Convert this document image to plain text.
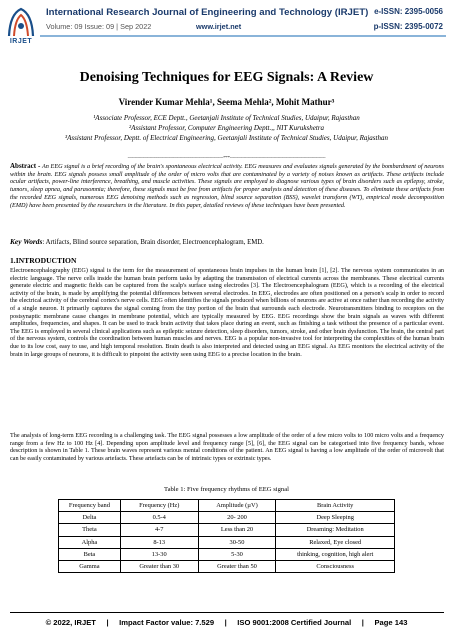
IRJET
International Research Journal of Engineering and Technology (IRJET) e-ISSN: 2395-0056
Volume: 09 Issue: 09 | Sep 2022	www.irjet.net	p-ISSN: 2395-0072
Denoising Techniques for EEG Signals: A Review
Virender Kumar Mehla¹, Seema Mehla², Mohit Mathur³
¹Associate Professor, ECE Deptt., Geetanjali Institute of Technical Studies, Udaipur, Rajasthan
²Assistant Professor, Computer Engineering Deptt.,, NIT Kurukshetra
³Assistant Professor, Deptt. of Electrical Engineering, Geetanjali Institute of Technical Studies, Udaipur, Rajasthan
----------------------------------------------------------------------***----------------------------------------------------------------------
Abstract - An EEG signal is a brief recording of the brain's spontaneous electrical activity. EEG measures and evaluates signals generated by the bombardment of neurons within the brain. EEG signals possess small amplitude of the order of micro volts that are contaminated by a variety of noises known as artifacts. These artifacts include ocular artifacts, power-line interference, breathing, and muscle activities. These signals are employed to diagnose various types of brain disorders such as epilepsy, stroke, tumors, sleep apnea, and parasomnia; therefore, these signals must be free from artifacts for proper analysis and detection of these diseases. To eliminate these artifacts from the recorded EEG signals, numerous EEG denoising methods such as regression, blind source separation (BSS), wavelet transform (WT), empirical mode decomposition (EMD) have been presented by the researchers in the literature. In this paper, detailed reviews of these techniques have been presented.
Key Words: Artifacts, Blind source separation, Brain disorder, Electroencephalogram, EMD.
1.INTRODUCTION
Electroencephalography (EEG) signal is the term for the measurement of spontaneous brain impulses in the human brain [1], [2]. The nervous system communicates in an electric language. The nerve cells inside the human brain perform tasks by adapting the transmission of electrical currents across the membranes. These electrical currents generate electric and magnetic fields can be captured from the scalp's surface using electrodes [3]. The Electroencephalogram (EEG), which is a recording of the electrical activity of the brain, is made by amplifying the potential differences between several electrodes. In EEG, electrodes are often positioned on a person's scalp in order to record the electrical activity of the cerebral cortex's nerve cells. EEG often identifies the signals produced when billions of neurons are active at once rather than recording the activity of a single neuron. It primarily captures the signal coming from the tiny portion of the brain that surrounds each electrode. Neurotransmitters binding to receptors on the postsynaptic membrane cause changes in membrane potential, which are typically measured by EEG. EEG recordings show the brain signals as waves with different amplitudes, frequencies, and shapes. It can be used to track brain activity that takes place during an event, such as finishing a task without the presence of a particular event. The EEG is employed in several clinical applications such as epileptic seizure detection, sleep disorders, tumors, stroke, and other brain dysfunction. The brain, the central part of the nervous system, controls the coordination between human muscles and nerves. EEG is a popular non-invasive tool for interpreting the complexities of the human brain due to its low cost, easy to use, and high temporal resolution. Brain death is also interpreted and detected using an EEG signal. As EEG monitors the electrical activity of the brain in large groups of neurons, it is difficult to pinpoint the activity seen using EEG to a precise location in the brain.
The analysis of long-term EEG recording is a challenging task. The EEG signal possesses a low amplitude of the order of a few micro volts to 100 micro volts and a frequency range from a few Hz to 100 Hz [4]. Depending upon amplitude level and frequency range [5], [6], the EEG signal can be categorised into five frequency bands, whose description is shown in Table 1. These brain waves represent various mental conditions of the patient. An EEG signal is having a low amplitude of the order of microvolt that can be easily contaminated by various artefacts. These artefacts can be of intrinsic types or extrinsic types.
Table 1: Five frequency rhythms of EEG signal
Frequency band	Frequency (Hz)	Amplitude (µV)	Brain Activity
Delta	0.5-4	20- 200	Deep Sleeping
Theta	4-7	Less than 20	Dreaming: Meditation
Alpha	8-13	30-50	Relaxed, Eye closed
Beta	13-30	5-30	thinking, cognition, high alert
Gamma	Greater than 30	Greater than 50	Consciousness
© 2022, IRJET     |     Impact Factor value: 7.529     |     ISO 9001:2008 Certified Journal     |     Page 143
